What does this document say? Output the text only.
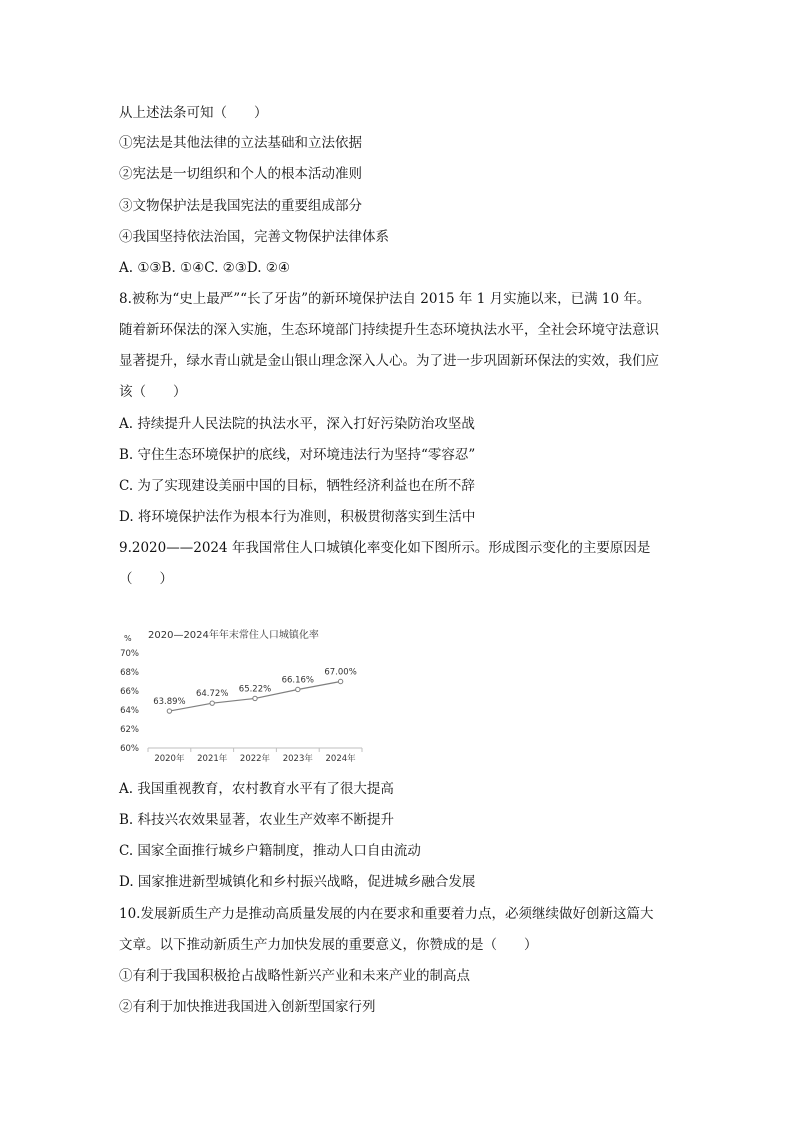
从上述法条可知（　　）
①宪法是其他法律的立法基础和立法依据
②宪法是一切组织和个人的根本活动准则
③文物保护法是我国宪法的重要组成部分
④我国坚持依法治国，完善文物保护法律体系
A. ①③B. ①④C. ②③D. ②④
8.被称为“史上最严”“长了牙齿”的新环境保护法自 2015 年 1 月实施以来，已满 10 年。
随着新环保法的深入实施，生态环境部门持续提升生态环境执法水平，全社会环境守法意识
显著提升，绿水青山就是金山银山理念深入人心。为了进一步巩固新环保法的实效，我们应
该（　　）
A. 持续提升人民法院的执法水平，深入打好污染防治攻坚战
B. 守住生态环境保护的底线，对环境违法行为坚持“零容忍”
C. 为了实现建设美丽中国的目标，牺牲经济利益也在所不辞
D. 将环境保护法作为根本行为准则，积极贯彻落实到生活中
9.2020——2024 年我国常住人口城镇化率变化如下图所示。形成图示变化的主要原因是
（　　）
% 2020—2024年年末常住人口城镇化率
60%
62%
64%
66%
68%
70%
2020年 2021年 2022年 2023年 2024年
63.89%
64.72% 65.22%
66.16%
67.00%
A. 我国重视教育，农村教育水平有了很大提高
B. 科技兴农效果显著，农业生产效率不断提升
C. 国家全面推行城乡户籍制度，推动人口自由流动
D. 国家推进新型城镇化和乡村振兴战略，促进城乡融合发展
10.发展新质生产力是推动高质量发展的内在要求和重要着力点，必须继续做好创新这篇大
文章。以下推动新质生产力加快发展的重要意义，你赞成的是（　　）
①有利于我国积极抢占战略性新兴产业和未来产业的制高点
②有利于加快推进我国进入创新型国家行列
